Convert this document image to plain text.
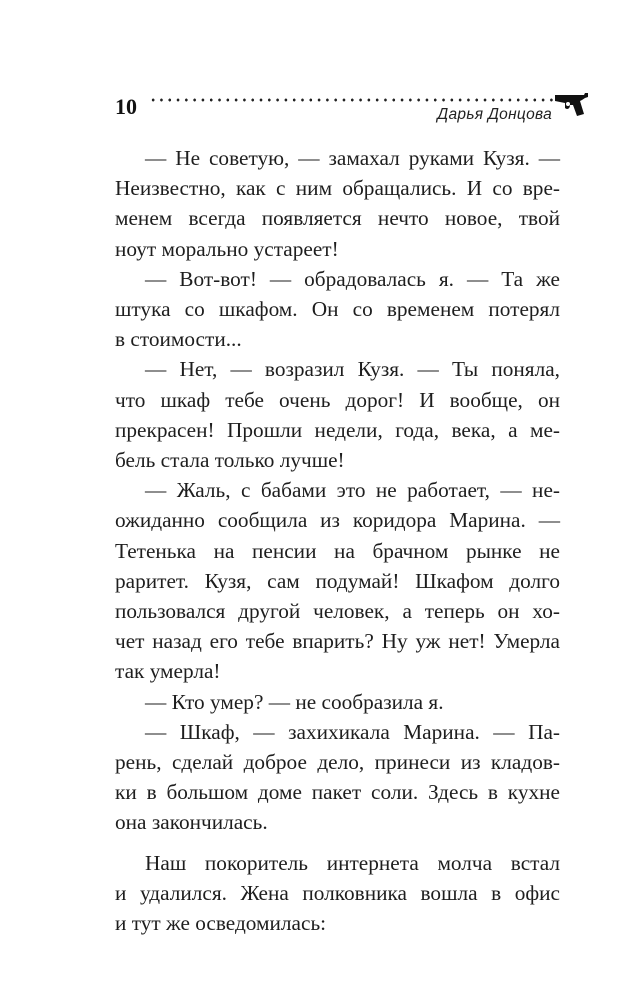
10	Дарья Донцова

— Не советую, — замахал руками Кузя. —
Неизвестно, как с ним обращались. И со вре-
менем всегда появляется нечто новое, твой
ноут морально устареет!

— Вот-вот! — обрадовалась я. — Та же
штука со шкафом. Он со временем потерял
в стоимости...

— Нет, — возразил Кузя. — Ты поняла,
что шкаф тебе очень дорог! И вообще, он
прекрасен! Прошли недели, года, века, а ме-
бель стала только лучше!

— Жаль, с бабами это не работает, — не-
ожиданно сообщила из коридора Марина. —
Тетенька на пенсии на брачном рынке не
раритет. Кузя, сам подумай! Шкафом долго
пользовался другой человек, а теперь он хо-
чет назад его тебе впарить? Ну уж нет! Умерла
так умерла!

— Кто умер? — не сообразила я.

— Шкаф, — захихикала Марина. — Па-
рень, сделай доброе дело, принеси из кладов-
ки в большом доме пакет соли. Здесь в кухне
она закончилась.

Наш покоритель интернета молча встал
и удалился. Жена полковника вошла в офис
и тут же осведомилась:
